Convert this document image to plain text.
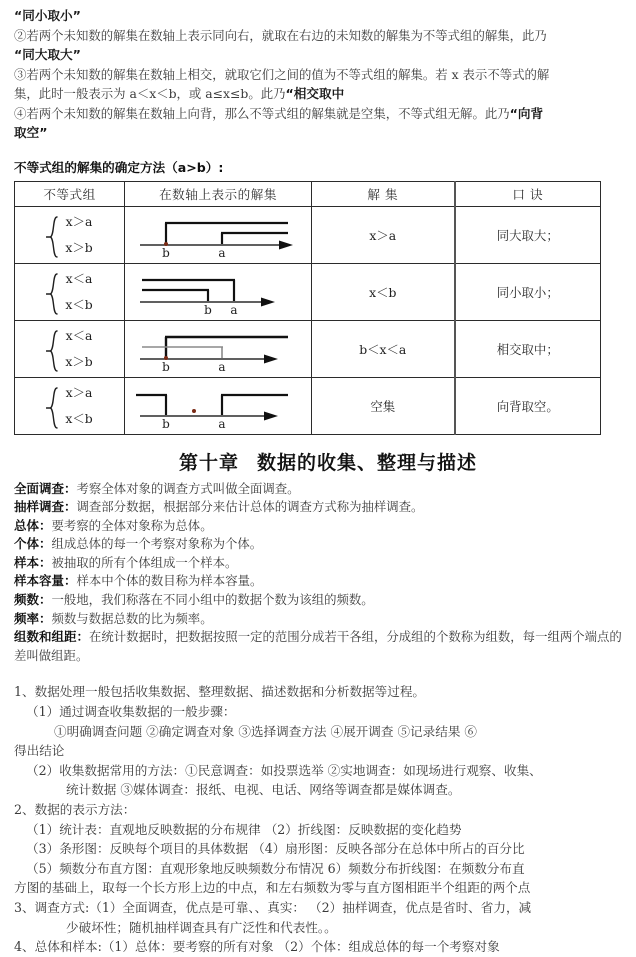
“同小取小”

②若两个未知数的解集在数轴上表示同向右，就取在右边的未知数的解集为不等式组的解集，此乃

“同大取大”

③若两个未知数的解集在数轴上相交，就取它们之间的值为不等式组的解集。若 x 表示不等式的解

集，此时一般表示为 a＜x＜b，或 a≤x≤b。此乃“相交取中

④若两个未知数的解集在数轴上向背，那么不等式组的解集就是空集，不等式组无解。此乃“向背

取空”

不等式组的解集的确定方法（a>b）:
不等式组	在数轴上表示的解集	解 集	口 诀

x＞a
x＞b	b a	x＞a	同大取大；

x＜a
x＜b	b a	x＜b	同小取小；

x＜a
x＞b	b a	b＜x＜a	相交取中；

x＞a
x＜b	b a	空集	向背取空。
第十章 数据的收集、整理与描述
全面调查：考察全体对象的调查方式叫做全面调查。
抽样调查：调查部分数据，根据部分来估计总体的调查方式称为抽样调查。
总体：要考察的全体对象称为总体。
个体：组成总体的每一个考察对象称为个体。
样本：被抽取的所有个体组成一个样本。
样本容量：样本中个体的数目称为样本容量。
频数：一般地，我们称落在不同小组中的数据个数为该组的频数。
频率：频数与数据总数的比为频率。
组数和组距：在统计数据时，把数据按照一定的范围分成若干各组，分成组的个数称为组数，每一组两个端点的差叫做组距。
1、数据处理一般包括收集数据、整理数据、描述数据和分析数据等过程。
（1）通过调查收集数据的一般步骤：
①明确调查问题 ②确定调查对象 ③选择调查方法 ④展开调查 ⑤记录结果 ⑥
得出结论
（2）收集数据常用的方法：①民意调查：如投票选举 ②实地调查：如现场进行观察、收集、
统计数据 ③媒体调查：报纸、电视、电话、网络等调查都是媒体调查。
2、数据的表示方法：
（1）统计表：直观地反映数据的分布规律 （2）折线图：反映数据的变化趋势
（3）条形图：反映每个项目的具体数据 （4）扇形图：反映各部分在总体中所占的百分比
（5）频数分布直方图：直观形象地反映频数分布情况 6）频数分布折线图：在频数分布直
方图的基础上，取每一个长方形上边的中点，和左右频数为零与直方图相距半个组距的两个点
3、调查方式:（1）全面调查，优点是可靠、、真实： （2）抽样调查，优点是省时、省力，减
少破坏性；随机抽样调查具有广泛性和代表性。。
4、总体和样本:（1）总体：要考察的所有对象 （2）个体：组成总体的每一个考察对象
